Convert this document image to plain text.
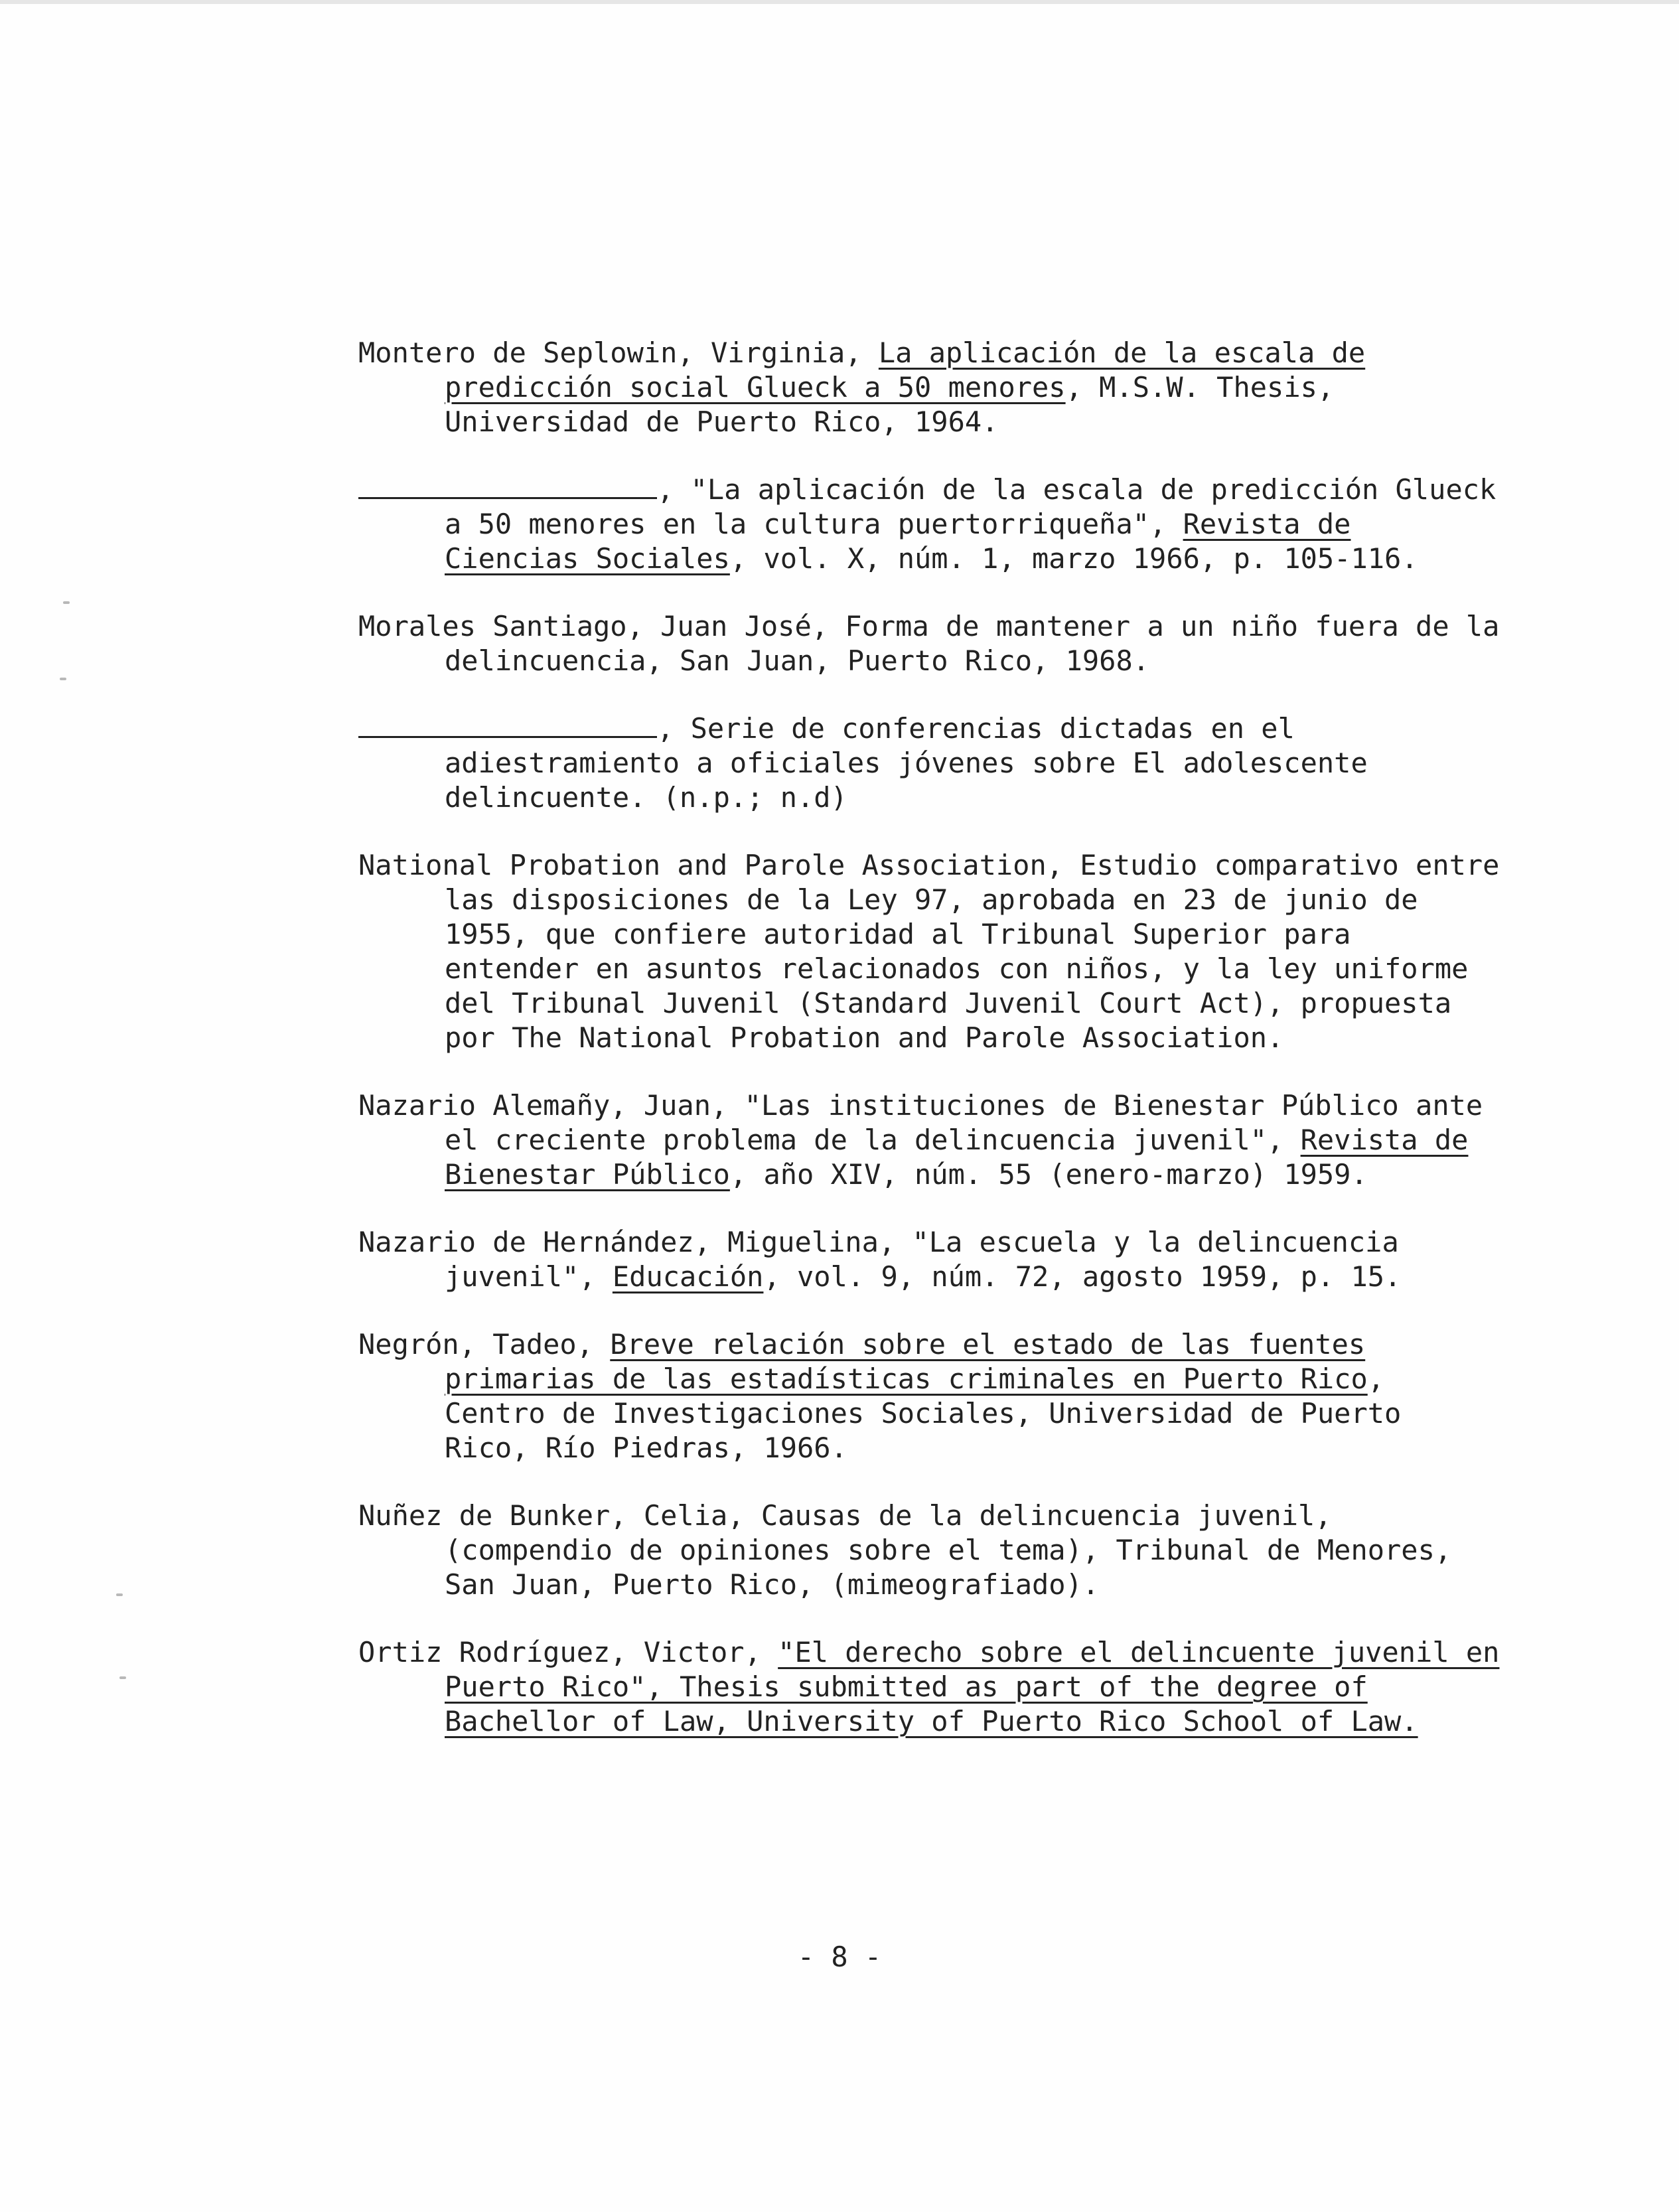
Montero de Seplowin, Virginia, La aplicación de la escala de predicción social Glueck a 50 menores, M.S.W. Thesis, Universidad de Puerto Rico, 1964.

, "La aplicación de la escala de predicción Glueck a 50 menores en la cultura puertorriqueña", Revista de Ciencias Sociales, vol. X, núm. 1, marzo 1966, p. 105-116.

Morales Santiago, Juan José, Forma de mantener a un niño fuera de la delincuencia, San Juan, Puerto Rico, 1968.

, Serie de conferencias dictadas en el adiestramiento a oficiales jóvenes sobre El adolescente delincuente. (n.p.; n.d)

National Probation and Parole Association, Estudio comparativo entre las disposiciones de la Ley 97, aprobada en 23 de junio de 1955, que confiere autoridad al Tribunal Superior para entender en asuntos relacionados con niños, y la ley uniforme del Tribunal Juvenil (Standard Juvenil Court Act), propuesta por The National Probation and Parole Association.

Nazario Alemañy, Juan, "Las instituciones de Bienestar Público ante el creciente problema de la delincuencia juvenil", Revista de Bienestar Público, año XIV, núm. 55 (enero-marzo) 1959.

Nazario de Hernández, Miguelina, "La escuela y la delincuencia juvenil", Educación, vol. 9, núm. 72, agosto 1959, p. 15.

Negrón, Tadeo, Breve relación sobre el estado de las fuentes primarias de las estadísticas criminales en Puerto Rico, Centro de Investigaciones Sociales, Universidad de Puerto Rico, Río Piedras, 1966.

Nuñez de Bunker, Celia, Causas de la delincuencia juvenil, (compendio de opiniones sobre el tema), Tribunal de Menores, San Juan, Puerto Rico, (mimeografiado).

Ortiz Rodríguez, Victor, "El derecho sobre el delincuente juvenil en Puerto Rico", Thesis submitted as part of the degree of Bachellor of Law, University of Puerto Rico School of Law.

- 8 -
